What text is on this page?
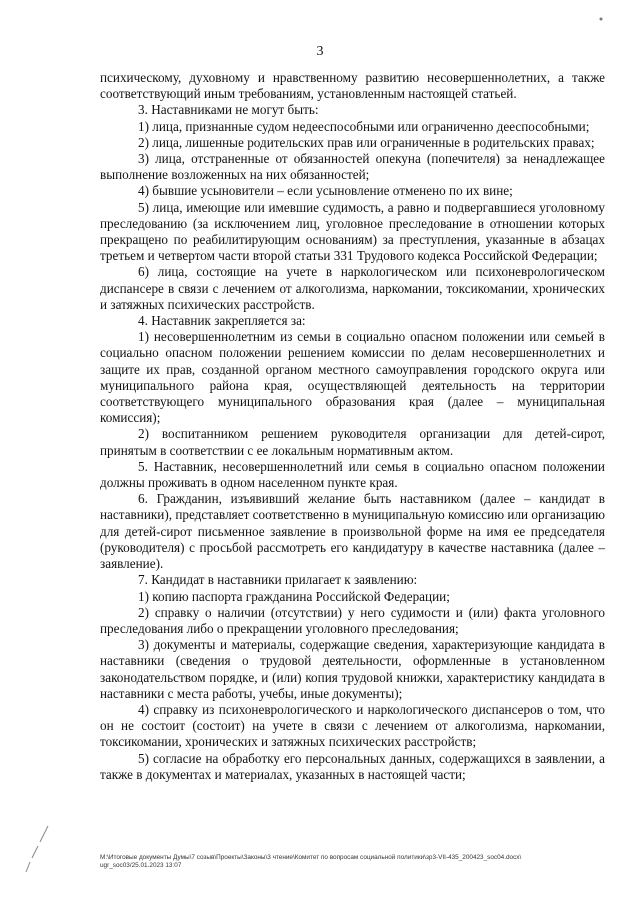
3

психическому, духовному и нравственному развитию несовершеннолетних, а также соответствующий иным требованиям, установленным настоящей статьей.

3. Наставниками не могут быть:

1) лица, признанные судом недееспособными или ограниченно дееспособными;

2) лица, лишенные родительских прав или ограниченные в родительских правах;

3) лица, отстраненные от обязанностей опекуна (попечителя) за ненадлежащее выполнение возложенных на них обязанностей;

4) бывшие усыновители – если усыновление отменено по их вине;

5) лица, имеющие или имевшие судимость, а равно и подвергавшиеся уголовному преследованию (за исключением лиц, уголовное преследование в отношении которых прекращено по реабилитирующим основаниям) за преступления, указанные в абзацах третьем и четвертом части второй статьи 331 Трудового кодекса Российской Федерации;

6) лица, состоящие на учете в наркологическом или психоневрологическом диспансере в связи с лечением от алкоголизма, наркомании, токсикомании, хронических и затяжных психических расстройств.

4. Наставник закрепляется за:

1) несовершеннолетним из семьи в социально опасном положении или семьей в социально опасном положении решением комиссии по делам несовершеннолетних и защите их прав, созданной органом местного самоуправления городского округа или муниципального района края, осуществляющей деятельность на территории соответствующего муниципального образования края (далее – муниципальная комиссия);

2) воспитанником решением руководителя организации для детей-сирот, принятым в соответствии с ее локальным нормативным актом.

5. Наставник, несовершеннолетний или семья в социально опасном положении должны проживать в одном населенном пункте края.

6. Гражданин, изъявивший желание быть наставником (далее – кандидат в наставники), представляет соответственно в муниципальную комиссию или организацию для детей-сирот письменное заявление в произвольной форме на имя ее председателя (руководителя) с просьбой рассмотреть его кандидатуру в качестве наставника (далее – заявление).

7. Кандидат в наставники прилагает к заявлению:

1) копию паспорта гражданина Российской Федерации;

2) справку о наличии (отсутствии) у него судимости и (или) факта уголовного преследования либо о прекращении уголовного преследования;

3) документы и материалы, содержащие сведения, характеризующие кандидата в наставники (сведения о трудовой деятельности, оформленные в установленном законодательством порядке, и (или) копия трудовой книжки, характеристику кандидата в наставники с места работы, учебы, иные документы);

4) справку из психоневрологического и наркологического диспансеров о том, что он не состоит (состоит) на учете в связи с лечением от алкоголизма, наркомании, токсикомании, хронических и затяжных психических расстройств;

5) согласие на обработку его персональных данных, содержащихся в заявлении, а также в документах и материалах, указанных в настоящей части;

M:\Итоговые документы Думы\7 созыв\Проекты\Законы\3 чтение\Комитет по вопросам социальной политики\зр3-VII-435_200423_soc04.docx\
ugr_soc03/25.01.2023 13:07
